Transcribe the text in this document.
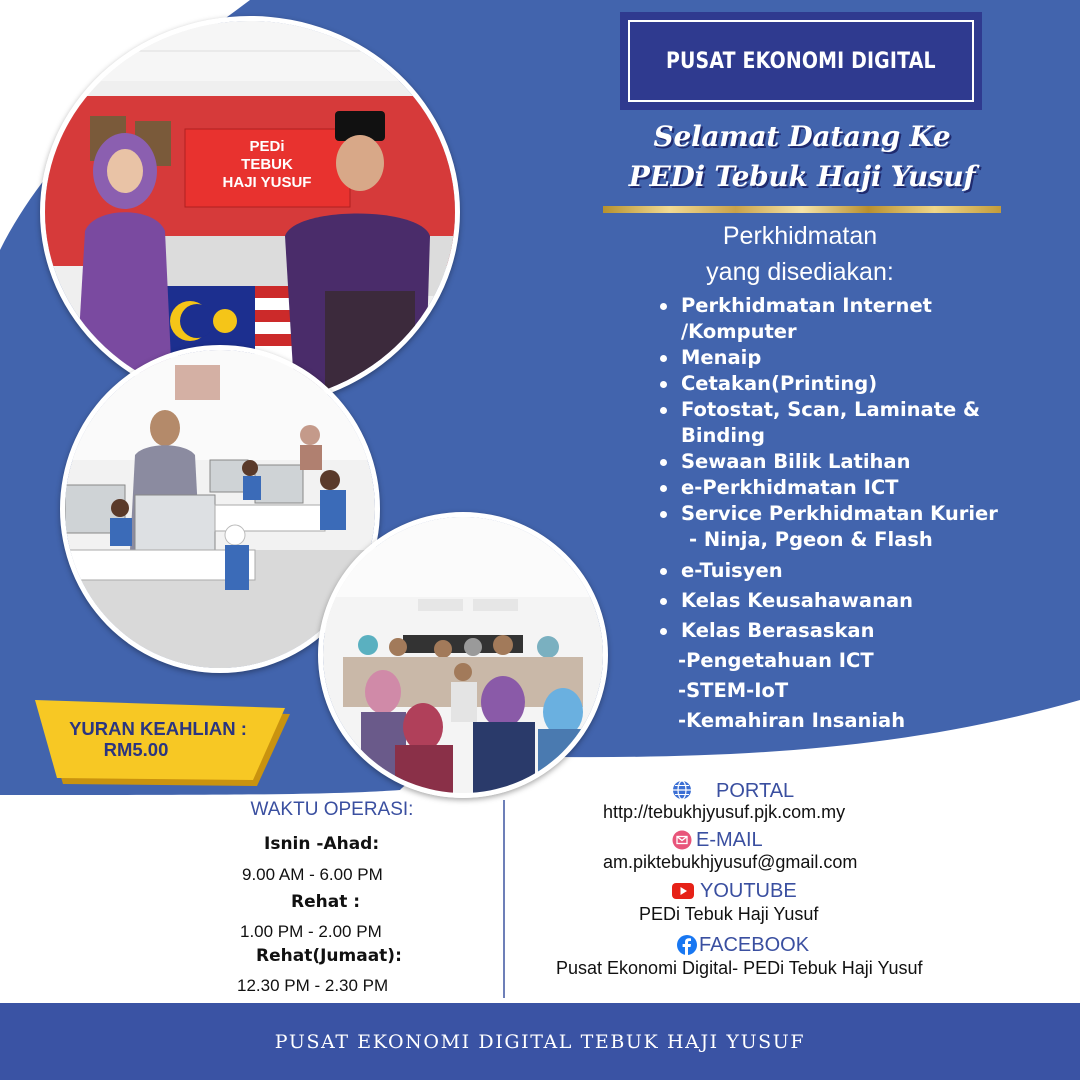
PUSAT EKONOMI DIGITAL
Selamat Datang Ke
PEDi Tebuk Haji Yusuf
Perkhidmatan
yang disediakan:
Perkhidmatan Internet
/Komputer
Menaip
Cetakan(Printing)
Fotostat, Scan, Laminate &
Binding
Sewaan Bilik Latihan
e-Perkhidmatan ICT
Service Perkhidmatan Kurier
- Ninja, Pgeon & Flash
e-Tuisyen
Kelas Keusahawanan
Kelas Berasaskan
-Pengetahuan ICT
-STEM-IoT
-Kemahiran Insaniah
PEDi
TEBUK
HAJI YUSUF
YURAN KEAHLIAN :
RM5.00
WAKTU OPERASI:
Isnin -Ahad:
9.00 AM - 6.00 PM
Rehat :
1.00 PM - 2.00 PM
Rehat(Jumaat):
12.30 PM - 2.30 PM
PORTAL
http://tebukhjyusuf.pjk.com.my
E-MAIL
am.piktebukhjyusuf@gmail.com
YOUTUBE
PEDi Tebuk Haji Yusuf
FACEBOOK
Pusat Ekonomi Digital- PEDi Tebuk Haji Yusuf
PUSAT EKONOMI DIGITAL TEBUK HAJI YUSUF
